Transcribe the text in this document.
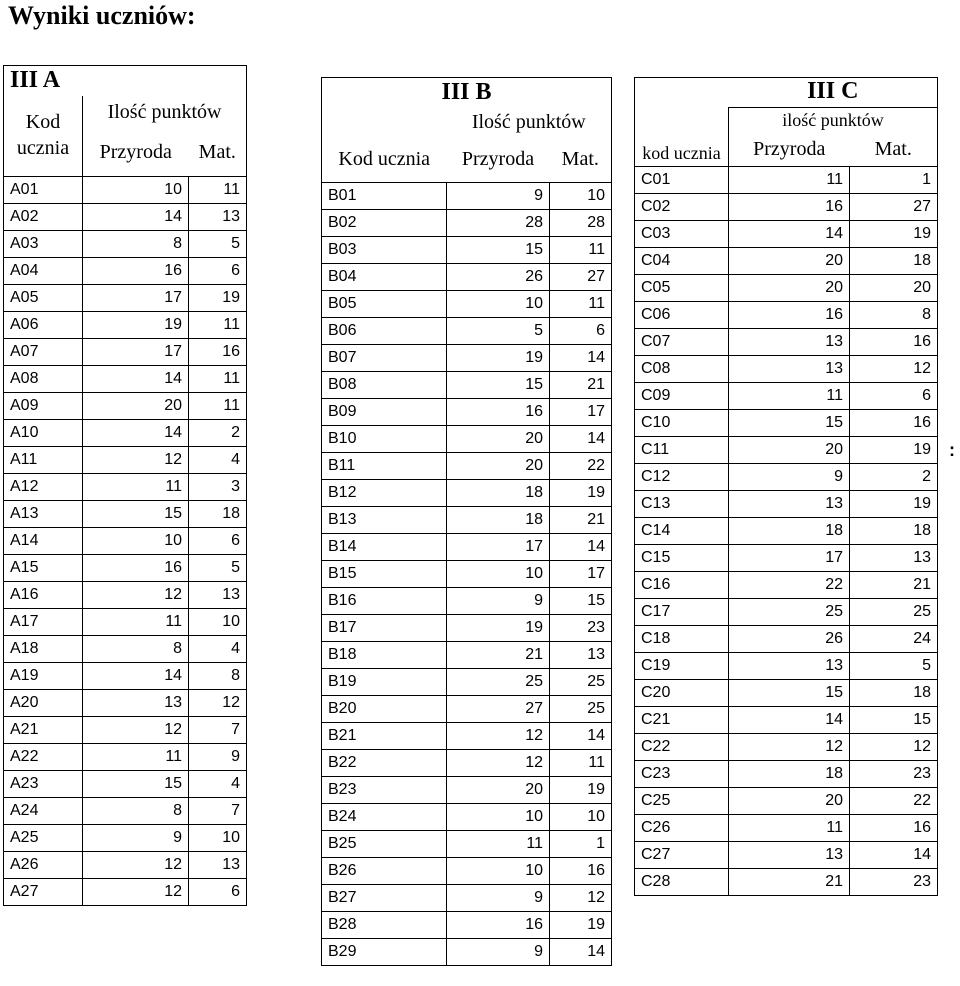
Wyniki uczniów:
III A		
Kod ucznia	Ilość punktów	
	Przyroda	Mat.
A01	10	11
A02	14	13
A03	8	5
A04	16	6
A05	17	19
A06	19	11
A07	17	16
A08	14	11
A09	20	11
A10	14	2
A11	12	4
A12	11	3
A13	15	18
A14	10	6
A15	16	5
A16	12	13
A17	11	10
A18	8	4
A19	14	8
A20	13	12
A21	12	7
A22	11	9
A23	15	4
A24	8	7
A25	9	10
A26	12	13
A27	12	6
III B		
	Ilość punktów	
Kod ucznia	Przyroda	Mat.
B01	9	10
B02	28	28
B03	15	11
B04	26	27
B05	10	11
B06	5	6
B07	19	14
B08	15	21
B09	16	17
B10	20	14
B11	20	22
B12	18	19
B13	18	21
B14	17	14
B15	10	17
B16	9	15
B17	19	23
B18	21	13
B19	25	25
B20	27	25
B21	12	14
B22	12	11
B23	20	19
B24	10	10
B25	11	1
B26	10	16
B27	9	12
B28	16	19
B29	9	14
	III C	
kod ucznia	ilość punktów	
	Przyroda	Mat.
C01	11	1
C02	16	27
C03	14	19
C04	20	18
C05	20	20
C06	16	8
C07	13	16
C08	13	12
C09	11	6
C10	15	16
C11	20	19
C12	9	2
C13	13	19
C14	18	18
C15	17	13
C16	22	21
C17	25	25
C18	26	24
C19	13	5
C20	15	18
C21	14	15
C22	12	12
C23	18	23
C25	20	22
C26	11	16
C27	13	14
C28	21	23
:
